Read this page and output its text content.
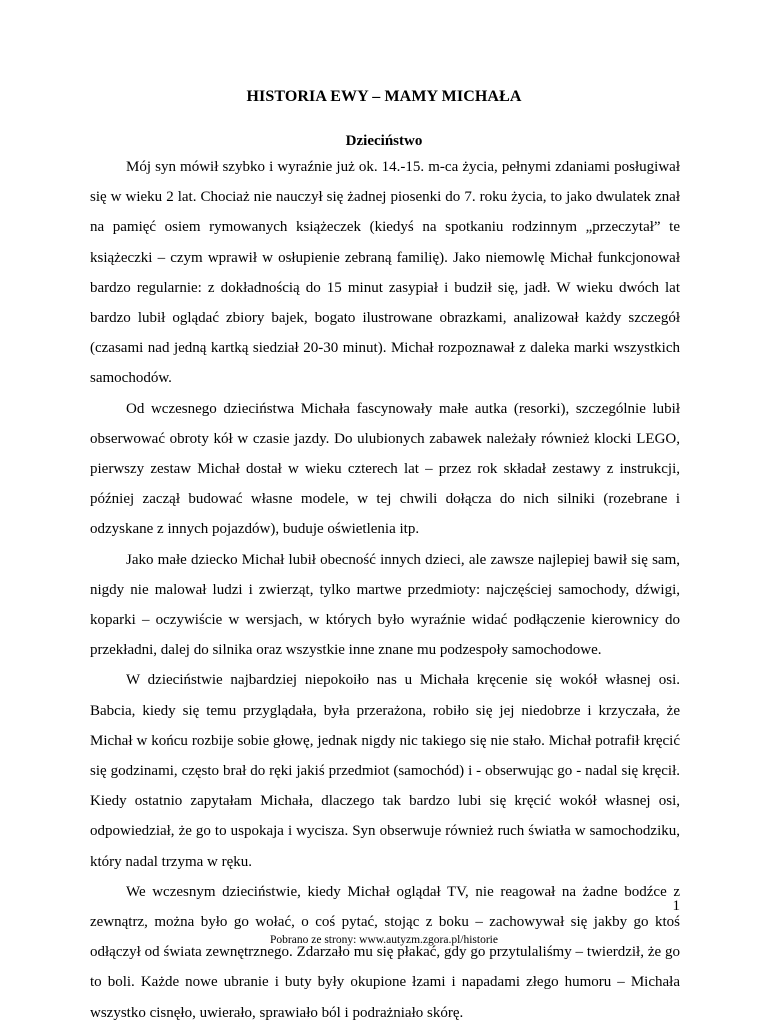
HISTORIA EWY – MAMY MICHAŁA
Dzieciństwo

Mój syn mówił szybko i wyraźnie już ok. 14.-15. m-ca życia, pełnymi zdaniami posługiwał się w wieku 2 lat. Chociaż nie nauczył się żadnej piosenki do 7. roku życia, to jako dwulatek znał na pamięć osiem rymowanych książeczek (kiedyś na spotkaniu rodzinnym „przeczytał” te książeczki – czym wprawił w osłupienie zebraną familię). Jako niemowlę Michał funkcjonował bardzo regularnie: z dokładnością do 15 minut zasypiał i budził się, jadł. W wieku dwóch lat bardzo lubił oglądać zbiory bajek, bogato ilustrowane obrazkami, analizował każdy szczegół (czasami nad jedną kartką siedział 20-30 minut). Michał rozpoznawał z daleka marki wszystkich samochodów.

Od wczesnego dzieciństwa Michała fascynowały małe autka (resorki), szczególnie lubił obserwować obroty kół w czasie jazdy. Do ulubionych zabawek należały również klocki LEGO, pierwszy zestaw Michał dostał w wieku czterech lat – przez rok składał zestawy z instrukcji, później zaczął budować własne modele, w tej chwili dołącza do nich silniki (rozebrane i odzyskane z innych pojazdów), buduje oświetlenia itp.

Jako małe dziecko Michał lubił obecność innych dzieci, ale zawsze najlepiej bawił się sam, nigdy nie malował ludzi i zwierząt, tylko martwe przedmioty: najczęściej samochody, dźwigi, koparki – oczywiście w wersjach, w których było wyraźnie widać podłączenie kierownicy do przekładni, dalej do silnika oraz wszystkie inne znane mu podzespoły samochodowe.

W dzieciństwie najbardziej niepokoiło nas u Michała kręcenie się wokół własnej osi. Babcia, kiedy się temu przyglądała, była przerażona, robiło się jej niedobrze i krzyczała, że Michał w końcu rozbije sobie głowę, jednak nigdy nic takiego się nie stało. Michał potrafił kręcić się godzinami, często brał do ręki jakiś przedmiot (samochód) i - obserwując go - nadal się kręcił. Kiedy ostatnio zapytałam Michała, dlaczego tak bardzo lubi się kręcić wokół własnej osi, odpowiedział, że go to uspokaja i wycisza. Syn obserwuje również ruch światła w samochodziku, który nadal trzyma w ręku.

We wczesnym dzieciństwie, kiedy Michał oglądał TV, nie reagował na żadne bodźce z zewnątrz, można było go wołać, o coś pytać, stojąc z boku – zachowywał się jakby go ktoś odłączył od świata zewnętrznego. Zdarzało mu się płakać, gdy go przytulaliśmy – twierdził, że go to boli. Każde nowe ubranie i buty były okupione łzami i napadami złego humoru – Michała wszystko cisnęło, uwierało, sprawiało ból i podrażniało skórę.

1
Pobrano ze strony: www.autyzm.zgora.pl/historie
